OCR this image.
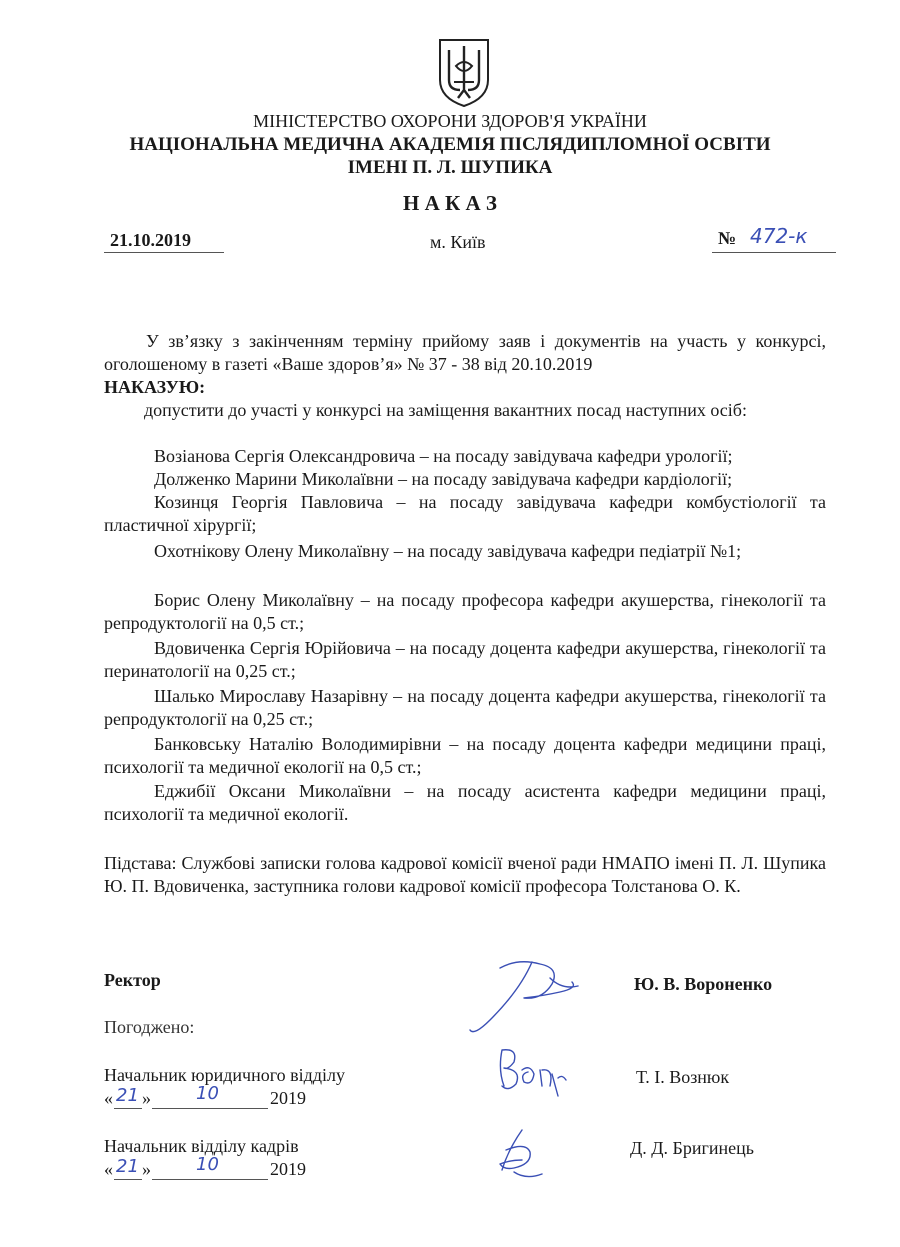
МІНІСТЕРСТВО ОХОРОНИ ЗДОРОВ'Я УКРАЇНИ
НАЦІОНАЛЬНА МЕДИЧНА АКАДЕМІЯ ПІСЛЯДИПЛОМНОЇ ОСВІТИ
ІМЕНІ П. Л. ШУПИКА
Н А К А З
21.10.2019	м. Київ	№ 472-к
У зв’язку з закінченням терміну прийому заяв і документів на участь у конкурсі, оголошеному в газеті «Ваше здоров’я» № 37 - 38 від 20.10.2019
НАКАЗУЮ:
допустити до участі у конкурсі на заміщення вакантних посад наступних осіб:
Возіанова Сергія Олександровича – на посаду завідувача кафедри урології;
Долженко Марини Миколаївни – на посаду завідувача кафедри кардіології;
Козинця Георгія Павловича – на посаду завідувача кафедри комбустіології та пластичної хірургії;
Охотнікову Олену Миколаївну – на посаду завідувача кафедри педіатрії №1;
Борис Олену Миколаївну – на посаду професора кафедри акушерства, гінекології та репродуктології на 0,5 ст.;
Вдовиченка Сергія Юрійовича – на посаду доцента кафедри акушерства, гінекології та перинатології на 0,25 ст.;
Шалько Мирославу Назарівну – на посаду доцента кафедри акушерства, гінекології та репродуктології на 0,25 ст.;
Банковську Наталію Володимирівни – на посаду доцента кафедри медицини праці, психології та медичної екології на 0,5 ст.;
Еджибії Оксани Миколаївни – на посаду асистента кафедри медицини праці, психології та медичної екології.
Підстава: Службові записки голова кадрової комісії вченої ради НМАПО імені П. Л. Шупика Ю. П. Вдовиченка, заступника голови кадрової комісії професора Толстанова О. К.
Ректор	Ю. В. Вороненко
Погоджено:
Начальник юридичного відділу	Т. І. Вознюк
« 21 »	10	2019
Начальник відділу кадрів	Д. Д. Бригинець
« 21 »	10	2019
